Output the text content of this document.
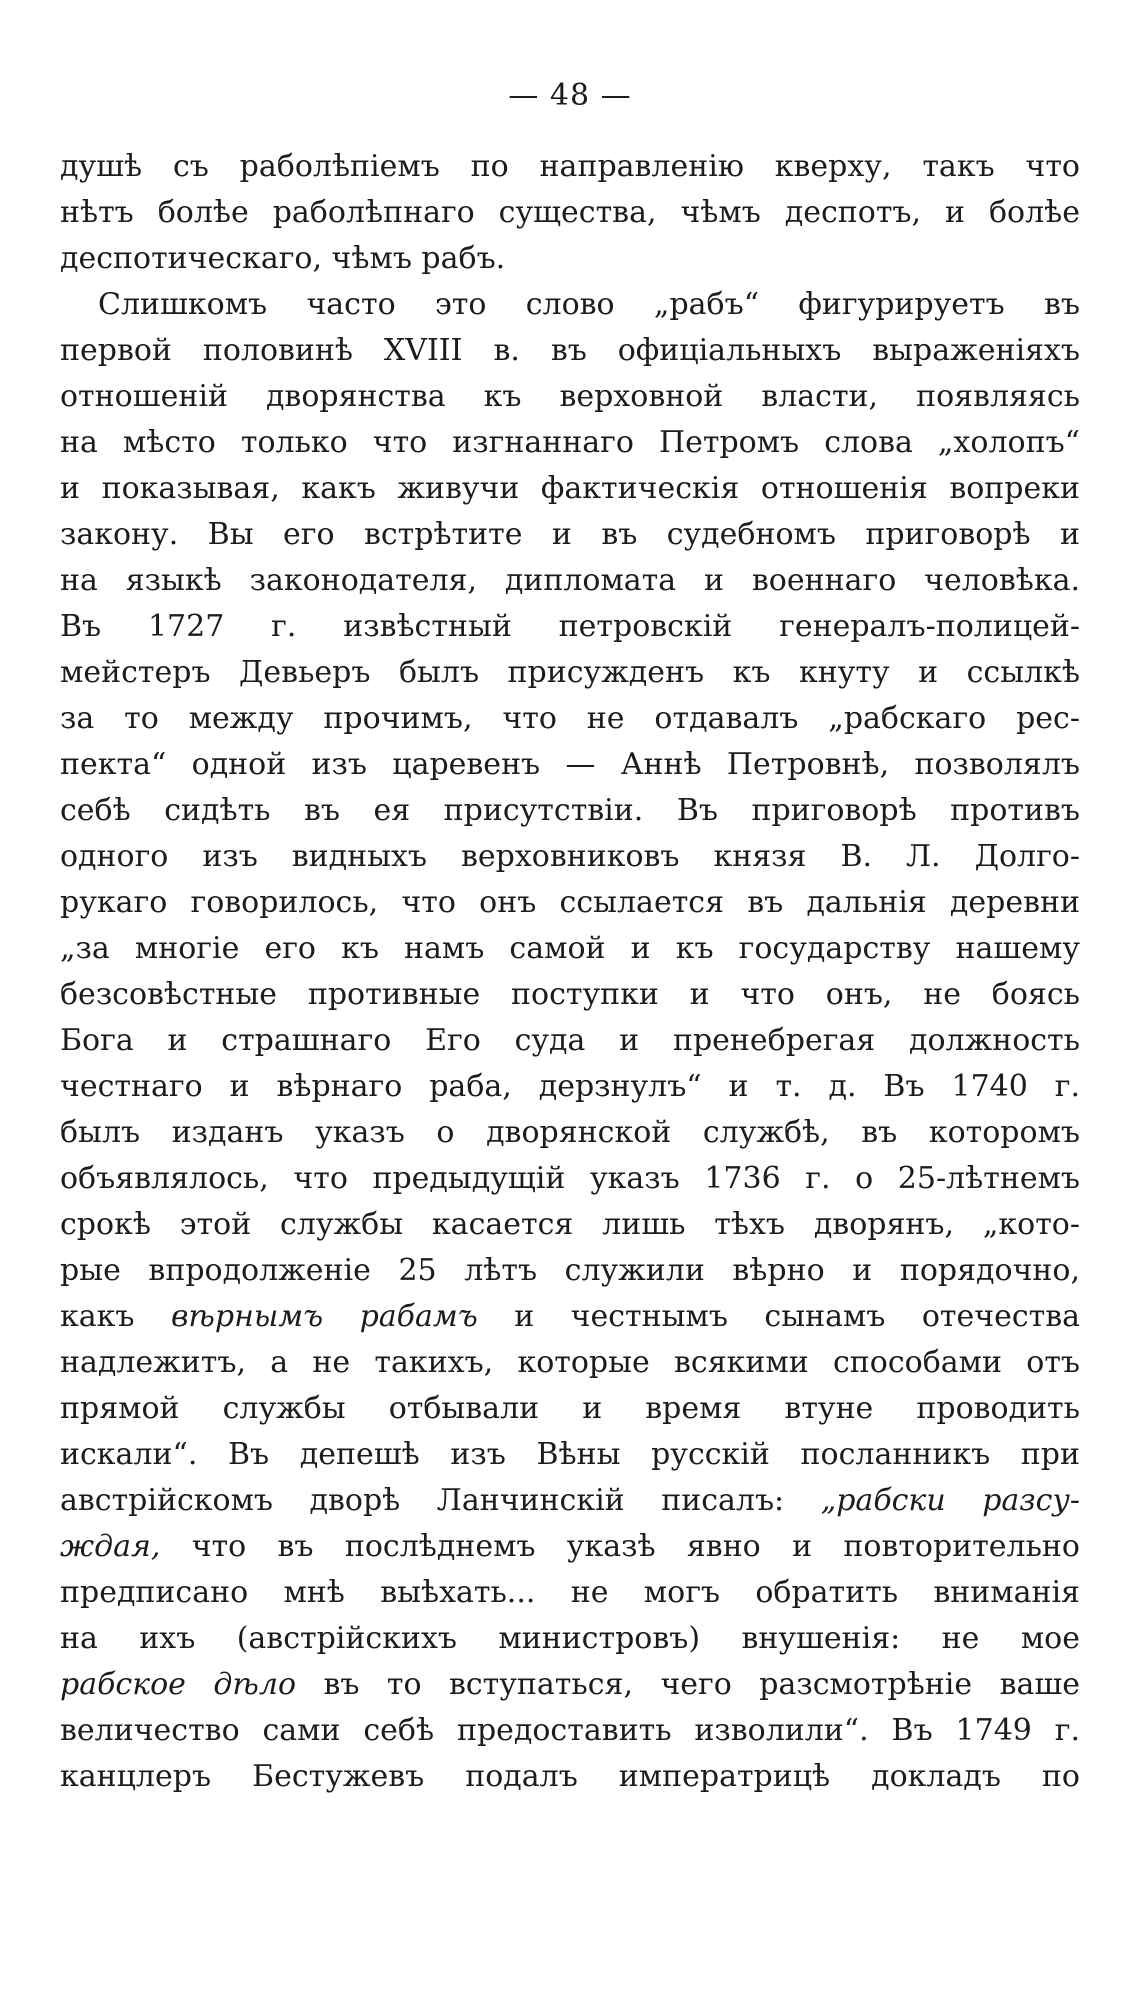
— 48 —
душѣ съ раболѣпіемъ по направленію кверху, такъ что
нѣтъ болѣе раболѣпнаго существа, чѣмъ деспотъ, и болѣе
деспотическаго, чѣмъ рабъ.
Слишкомъ часто это слово „рабъ“ фигурируетъ въ
первой половинѣ XVIII в. въ офиціальныхъ выраженіяхъ
отношеній дворянства къ верховной власти, появляясь
на мѣсто только что изгнаннаго Петромъ слова „холопъ“
и показывая, какъ живучи фактическія отношенія вопреки
закону. Вы его встрѣтите и въ судебномъ приговорѣ и
на языкѣ законодателя, дипломата и военнаго человѣка.
Въ 1727 г. извѣстный петровскій генералъ-полицей-
мейстеръ Девьеръ былъ присужденъ къ кнуту и ссылкѣ
за то между прочимъ, что не отдавалъ „рабскаго рес-
пекта“ одной изъ царевенъ — Аннѣ Петровнѣ, позволялъ
себѣ сидѣть въ ея присутствіи. Въ приговорѣ противъ
одного изъ видныхъ верховниковъ князя В. Л. Долго-
рукаго говорилось, что онъ ссылается въ дальнія деревни
„за многіе его къ намъ самой и къ государству нашему
безсовѣстные противные поступки и что онъ, не боясь
Бога и страшнаго Его суда и пренебрегая должность
честнаго и вѣрнаго раба, дерзнулъ“ и т. д. Въ 1740 г.
былъ изданъ указъ о дворянской службѣ, въ которомъ
объявлялось, что предыдущій указъ 1736 г. о 25-лѣтнемъ
срокѣ этой службы касается лишь тѣхъ дворянъ, „кото-
рые впродолженіе 25 лѣтъ служили вѣрно и порядочно,
какъ вѣрнымъ рабамъ и честнымъ сынамъ отечества
надлежитъ, а не такихъ, которые всякими способами отъ
прямой службы отбывали и время втуне проводить
искали“. Въ депешѣ изъ Вѣны русскій посланникъ при
австрійскомъ дворѣ Ланчинскій писалъ: „рабски разсу-
ждая, что въ послѣднемъ указѣ явно и повторительно
предписано мнѣ выѣхать... не могъ обратить вниманія
на ихъ (австрійскихъ министровъ) внушенія: не мое
рабское дѣло въ то вступаться, чего разсмотрѣніе ваше
величество сами себѣ предоставить изволили“. Въ 1749 г.
канцлеръ Бестужевъ подалъ императрицѣ докладъ по
